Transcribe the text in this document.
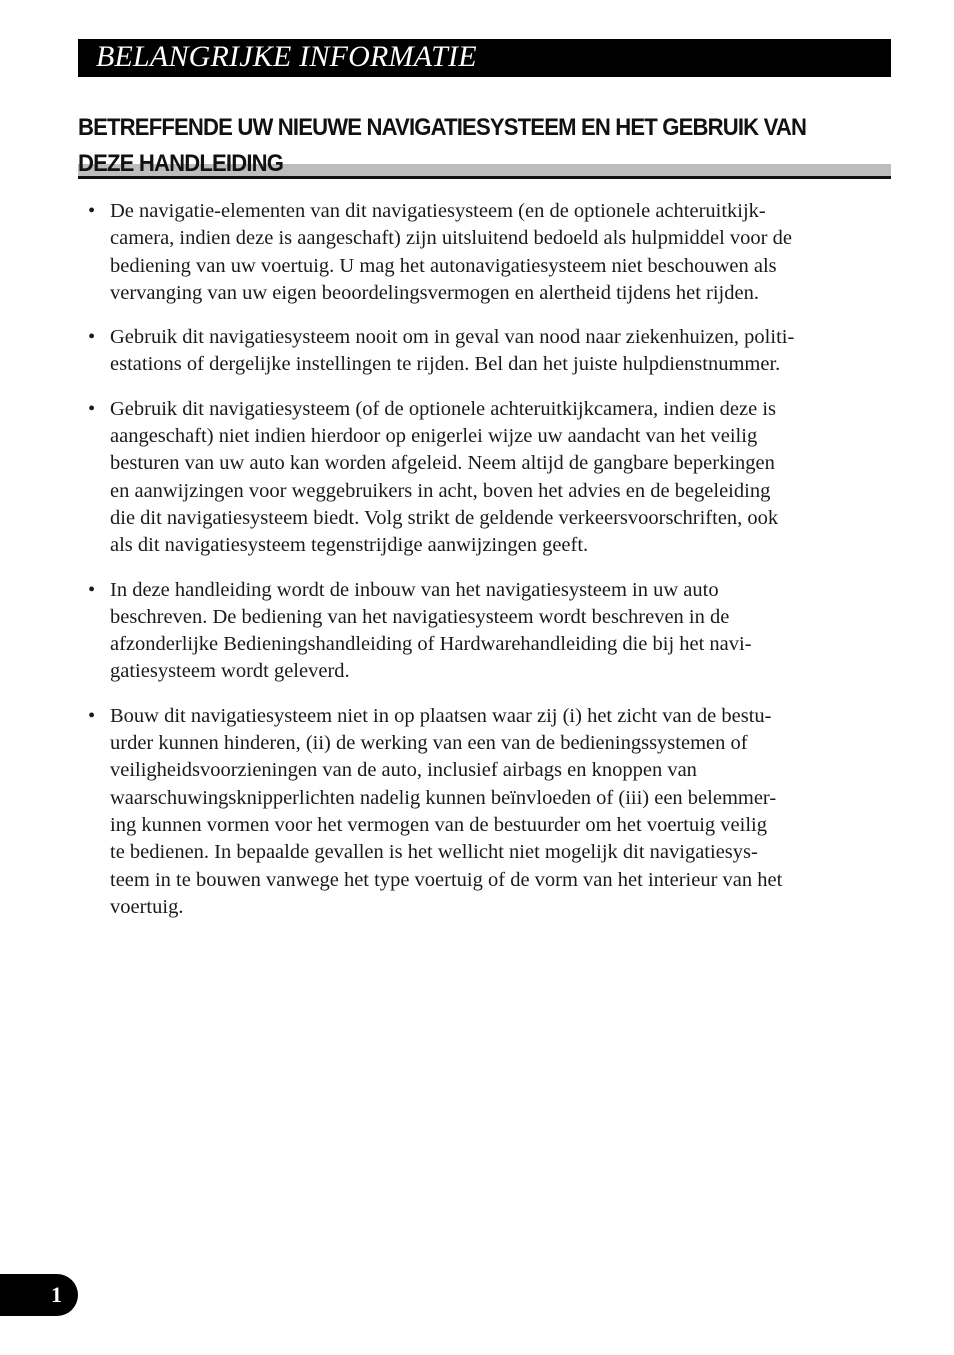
BELANGRIJKE INFORMATIE
BETREFFENDE UW NIEUWE NAVIGATIESYSTEEM EN HET GEBRUIK VAN
DEZE HANDLEIDING
• De navigatie-elementen van dit navigatiesysteem (en de optionele achteruitkijk-
camera, indien deze is aangeschaft) zijn uitsluitend bedoeld als hulpmiddel voor de
bediening van uw voertuig. U mag het autonavigatiesysteem niet beschouwen als
vervanging van uw eigen beoordelingsvermogen en alertheid tijdens het rijden.
• Gebruik dit navigatiesysteem nooit om in geval van nood naar ziekenhuizen, politi-
estations of dergelijke instellingen te rijden. Bel dan het juiste hulpdienstnummer.
• Gebruik dit navigatiesysteem (of de optionele achteruitkijkcamera, indien deze is
aangeschaft) niet indien hierdoor op enigerlei wijze uw aandacht van het veilig
besturen van uw auto kan worden afgeleid. Neem altijd de gangbare beperkingen
en aanwijzingen voor weggebruikers in acht, boven het advies en de begeleiding
die dit navigatiesysteem biedt. Volg strikt de geldende verkeersvoorschriften, ook
als dit navigatiesysteem tegenstrijdige aanwijzingen geeft.
• In deze handleiding wordt de inbouw van het navigatiesysteem in uw auto
beschreven. De bediening van het navigatiesysteem wordt beschreven in de
afzonderlijke Bedieningshandleiding of Hardwarehandleiding die bij het navi-
gatiesysteem wordt geleverd.
• Bouw dit navigatiesysteem niet in op plaatsen waar zij (i) het zicht van de bestu-
urder kunnen hinderen, (ii) de werking van een van de bedieningssystemen of
veiligheidsvoorzieningen van de auto, inclusief airbags en knoppen van
waarschuwingsknipperlichten nadelig kunnen beïnvloeden of (iii) een belemmer-
ing kunnen vormen voor het vermogen van de bestuurder om het voertuig veilig
te bedienen. In bepaalde gevallen is het wellicht niet mogelijk dit navigatiesys-
teem in te bouwen vanwege het type voertuig of de vorm van het interieur van het
voertuig.
1
